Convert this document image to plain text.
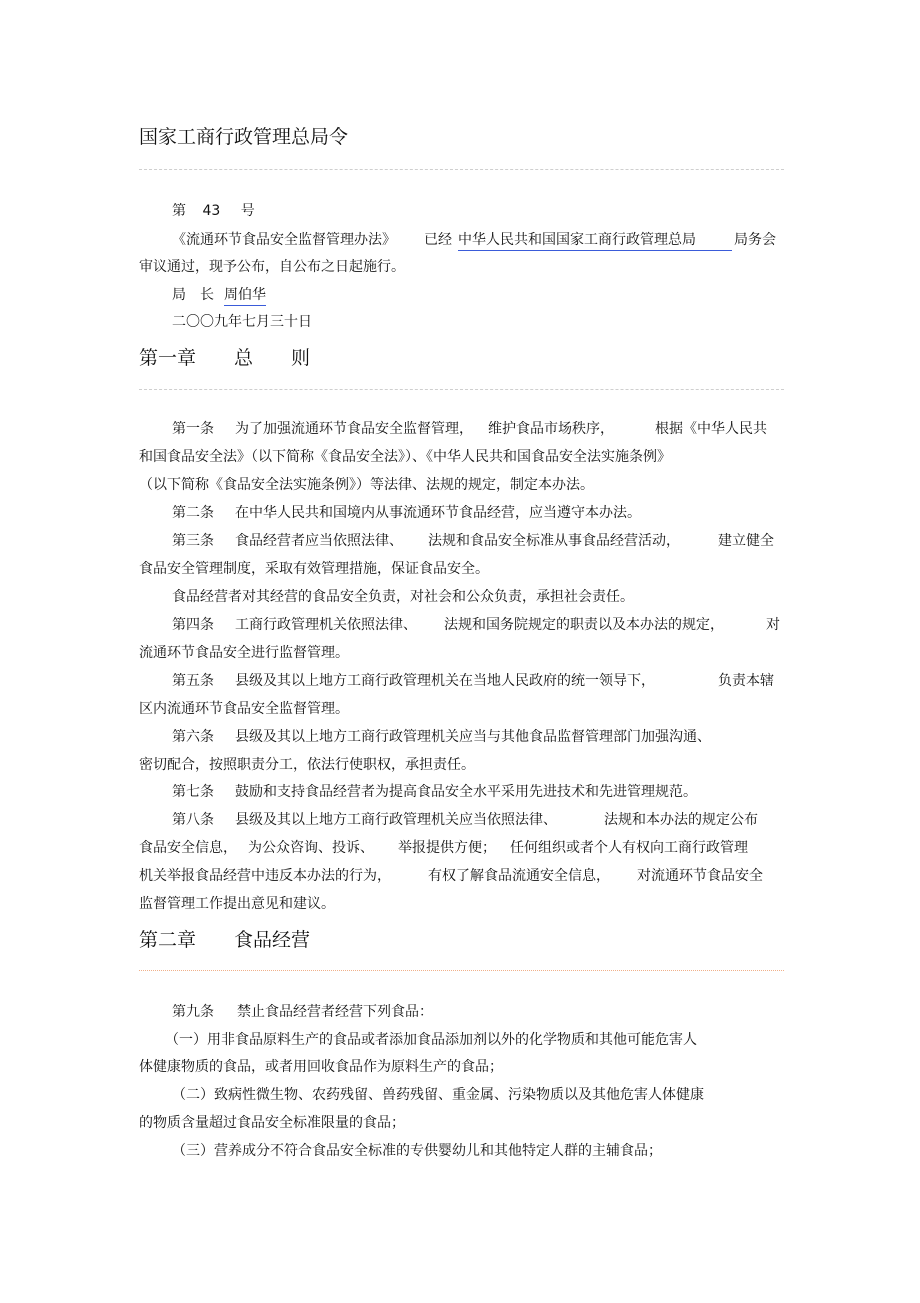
国家工商行政管理总局令
第 43 号
《流通环节食品安全监督管理办法》 已经 中华人民共和国国家工商行政管理总局	局务会
审议通过，现予公布，自公布之日起施行。
局　长 周伯华
二〇〇九年七月三十日
第一章　　总　　则
第二章　　食品经营
第一条 为了加强流通环节食品安全监督管理， 维护食品市场秩序，	根据《中华人民共
和国食品安全法》（以下简称《食品安全法》）、《中华人民共和国食品安全法实施条例》
（以下简称《食品安全法实施条例》）等法律、法规的规定，制定本办法。
第二条 在中华人民共和国境内从事流通环节食品经营，应当遵守本办法。
第三条 食品经营者应当依照法律、 法规和食品安全标准从事食品经营活动，	建立健全
食品安全管理制度，采取有效管理措施，保证食品安全。
食品经营者对其经营的食品安全负责，对社会和公众负责，承担社会责任。
第四条 工商行政管理机关依照法律、 法规和国务院规定的职责以及本办法的规定，	对
流通环节食品安全进行监督管理。
第五条 县级及其以上地方工商行政管理机关在当地人民政府的统一领导下，	负责本辖
区内流通环节食品安全监督管理。
第六条 县级及其以上地方工商行政管理机关应当与其他食品监督管理部门加强沟通、
密切配合，按照职责分工，依法行使职权，承担责任。
第七条 鼓励和支持食品经营者为提高食品安全水平采用先进技术和先进管理规范。
第八条 县级及其以上地方工商行政管理机关应当依照法律、	法规和本办法的规定公布
食品安全信息， 为公众咨询、投诉、 举报提供方便； 任何组织或者个人有权向工商行政管理
机关举报食品经营中违反本办法的行为，	有权了解食品流通安全信息， 对流通环节食品安全
监督管理工作提出意见和建议。
第九条 禁止食品经营者经营下列食品：
（一）用非食品原料生产的食品或者添加食品添加剂以外的化学物质和其他可能危害人
体健康物质的食品，或者用回收食品作为原料生产的食品；
（二）致病性微生物、农药残留、兽药残留、重金属、污染物质以及其他危害人体健康
的物质含量超过食品安全标准限量的食品；
（三）营养成分不符合食品安全标准的专供婴幼儿和其他特定人群的主辅食品；
